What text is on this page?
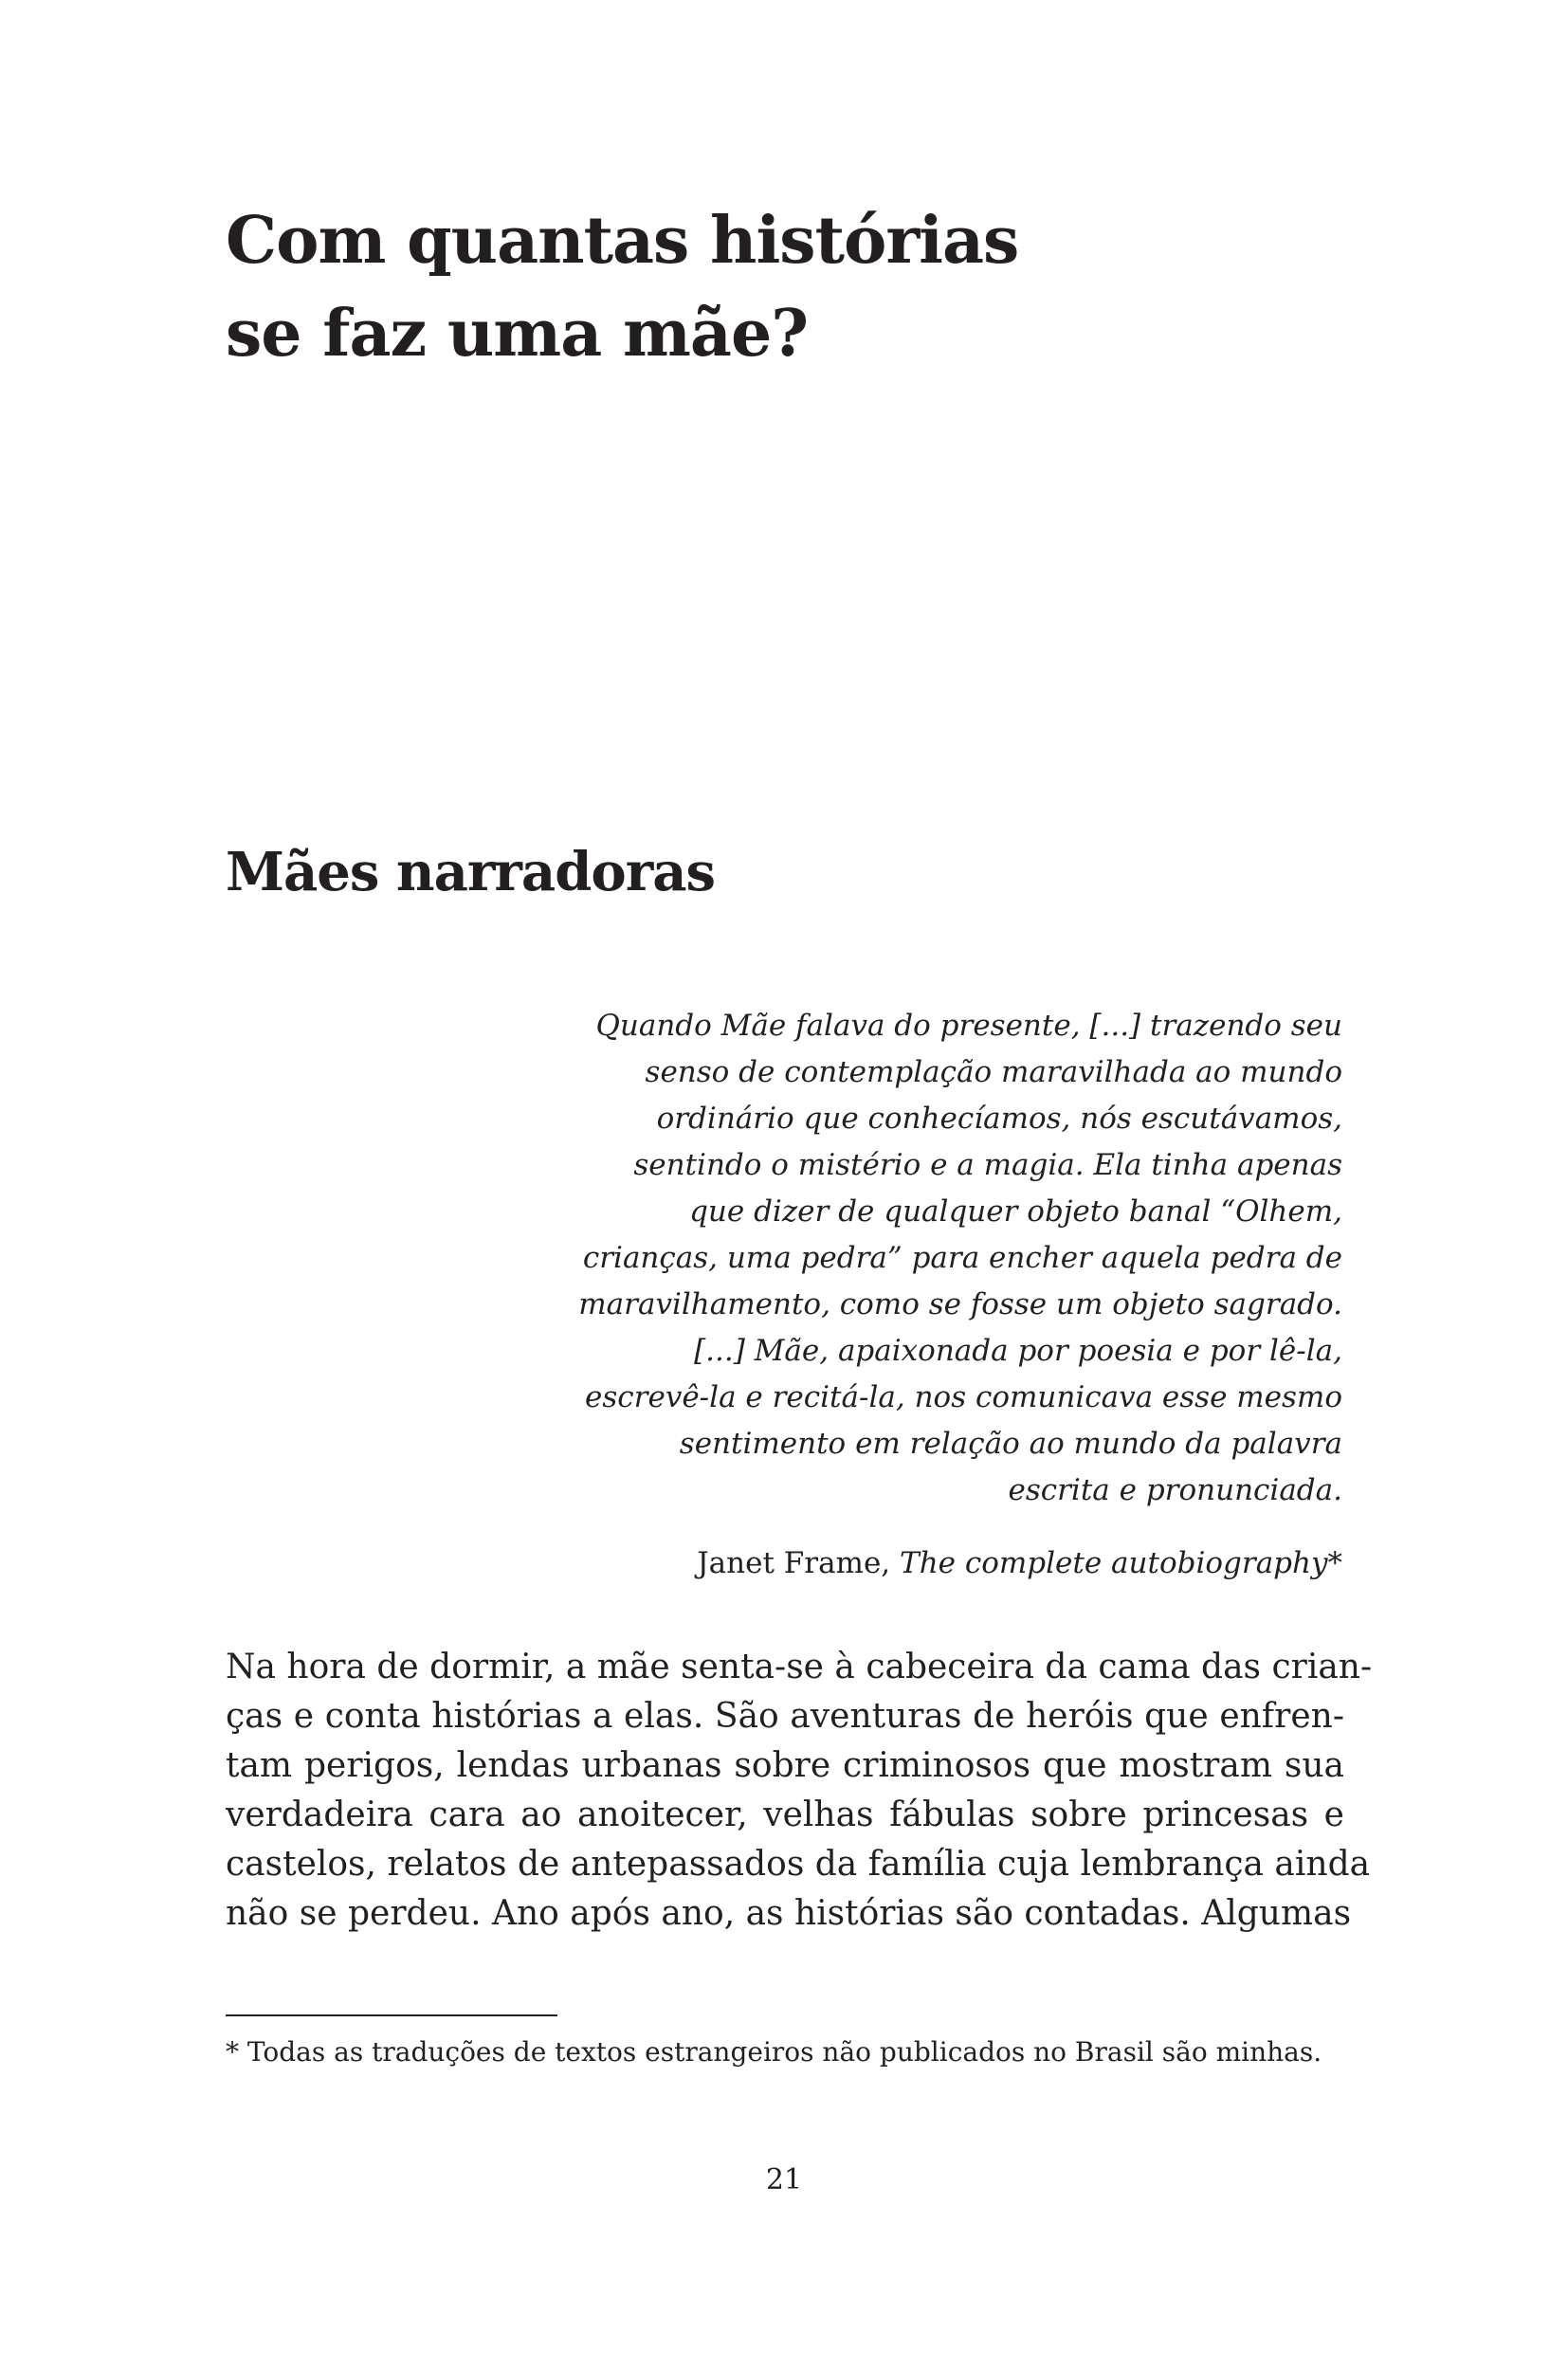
Com quantas histórias
se faz uma mãe?
Mães narradoras
Quando Mãe falava do presente, [...] trazendo seu
senso de contemplação maravilhada ao mundo
ordinário que conhecíamos, nós escutávamos,
sentindo o mistério e a magia. Ela tinha apenas
que dizer de qualquer objeto banal “Olhem,
crianças, uma pedra” para encher aquela pedra de
maravilhamento, como se fosse um objeto sagrado.
[...] Mãe, apaixonada por poesia e por lê-la,
escrevê-la e recitá-la, nos comunicava esse mesmo
sentimento em relação ao mundo da palavra
escrita e pronunciada.
Janet Frame, The complete autobiography*
Na hora de dormir, a mãe senta-se à cabeceira da cama das crian-
ças e conta histórias a elas. São aventuras de heróis que enfren-
tam perigos, lendas urbanas sobre criminosos que mostram sua
verdadeira cara ao anoitecer, velhas fábulas sobre princesas e
castelos, relatos de antepassados da família cuja lembrança ainda
não se perdeu. Ano após ano, as histórias são contadas. Algumas
* Todas as traduções de textos estrangeiros não publicados no Brasil são minhas.
21
